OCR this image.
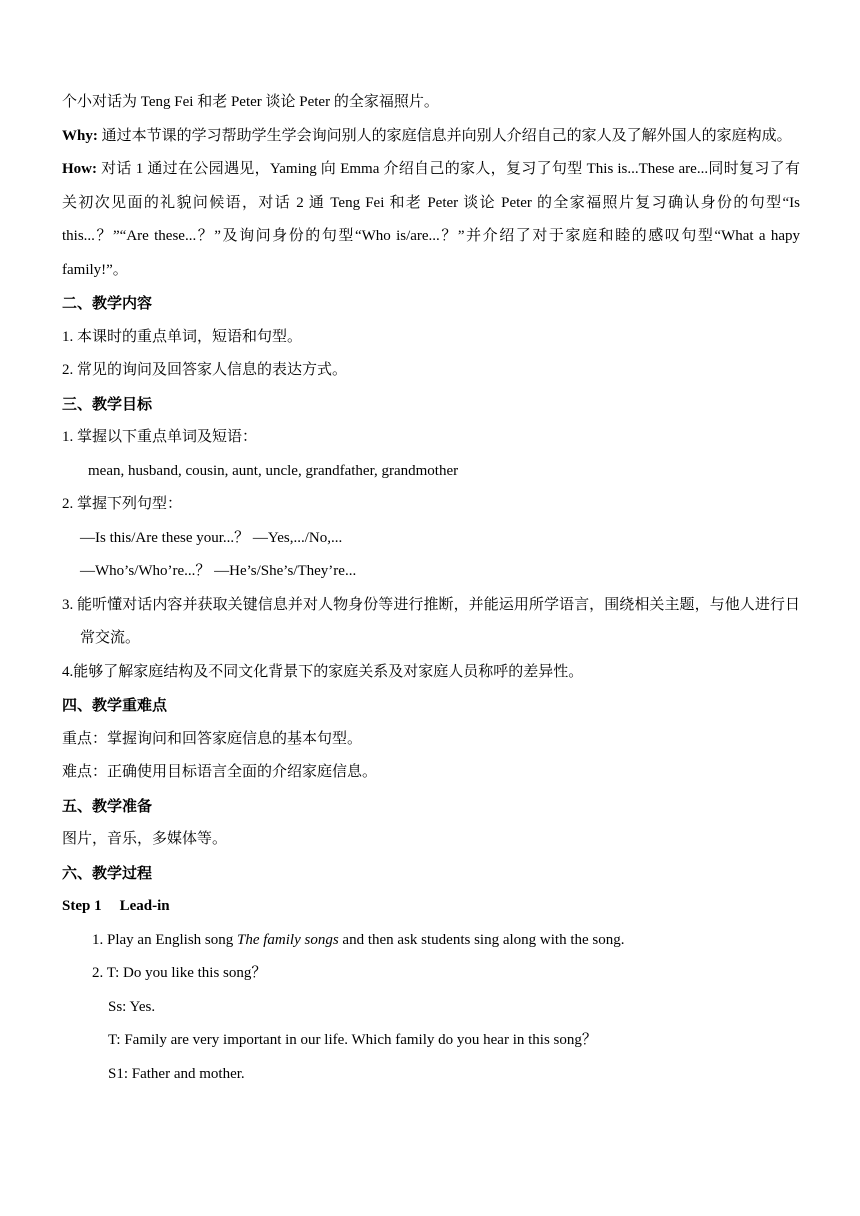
个小对话为 Teng Fei 和老 Peter 谈论 Peter 的全家福照片。
Why: 通过本节课的学习帮助学生学会询问别人的家庭信息并向别人介绍自己的家人及了解外国人的家庭构成。
How: 对话 1 通过在公园遇见，Yaming 向 Emma 介绍自己的家人，复习了句型 This is...These are...同时复习了有关初次见面的礼貌问候语，对话 2 通 Teng Fei 和老 Peter 谈论 Peter 的全家福照片复习确认身份的句型“Is this...？”“Are these...？”及询问身份的句型“Who is/are...？”并介绍了对于家庭和睦的感叹句型“What a hapy family!”。
二、教学内容
1. 本课时的重点单词，短语和句型。
2. 常见的询问及回答家人信息的表达方式。
三、教学目标
1. 掌握以下重点单词及短语：
mean, husband, cousin, aunt, uncle, grandfather, grandmother
2. 掌握下列句型：
—Is this/Are these your...？ —Yes,.../No,...
—Who’s/Who’re...？ —He’s/She’s/They’re...
3. 能听懂对话内容并获取关键信息并对人物身份等进行推断，并能运用所学语言，围绕相关主题，与他人进行日常交流。
4.能够了解家庭结构及不同文化背景下的家庭关系及对家庭人员称呼的差异性。
四、教学重难点
重点：掌握询问和回答家庭信息的基本句型。
难点：正确使用目标语言全面的介绍家庭信息。
五、教学准备
图片，音乐，多媒体等。
六、教学过程
Step 1 Lead-in
1. Play an English song The family songs and then ask students sing along with the song.
2. T: Do you like this song？
Ss: Yes.
T: Family are very important in our life. Which family do you hear in this song？
S1: Father and mother.
